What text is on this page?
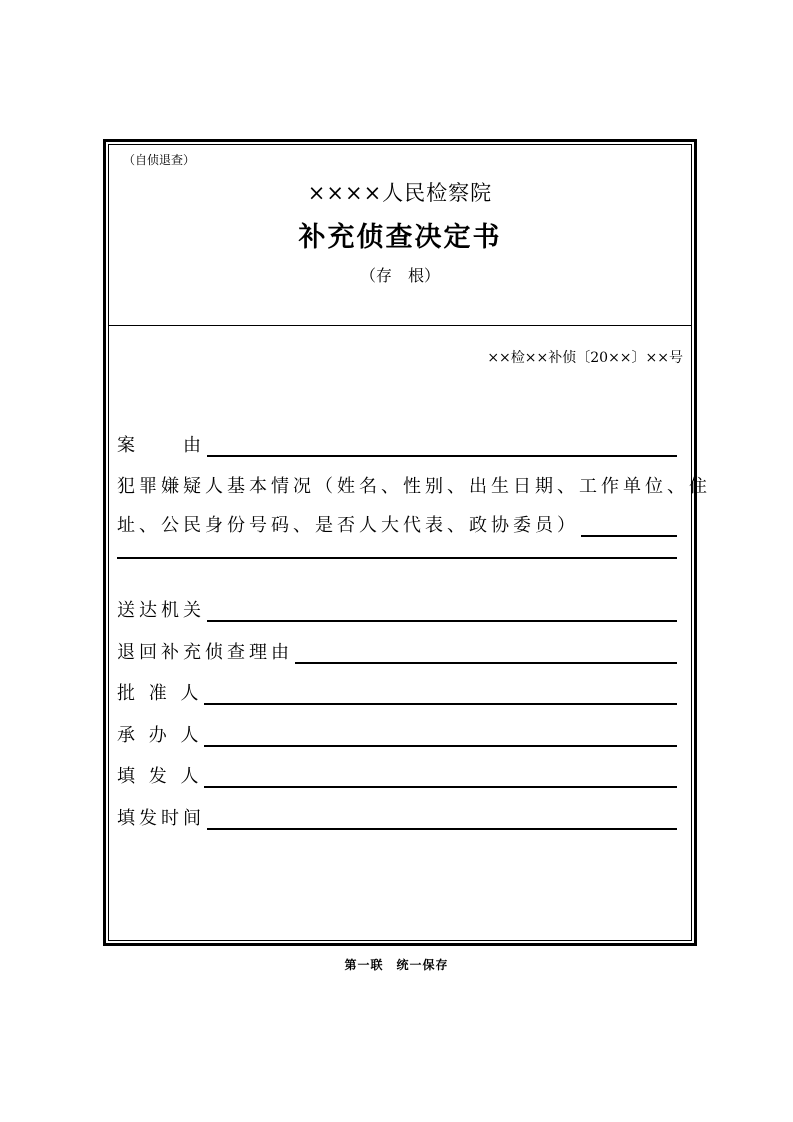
（自侦退查）
××××人民检察院
补充侦查决定书
（存　根）
××检××补侦〔20××〕××号
案　　由
犯罪嫌疑人基本情况（姓名、性别、出生日期、工作单位、住
址、公民身份号码、是否人大代表、政协委员）
送达机关
退回补充侦查理由
批 准 人
承 办 人
填 发 人
填发时间
第一联　统一保存
